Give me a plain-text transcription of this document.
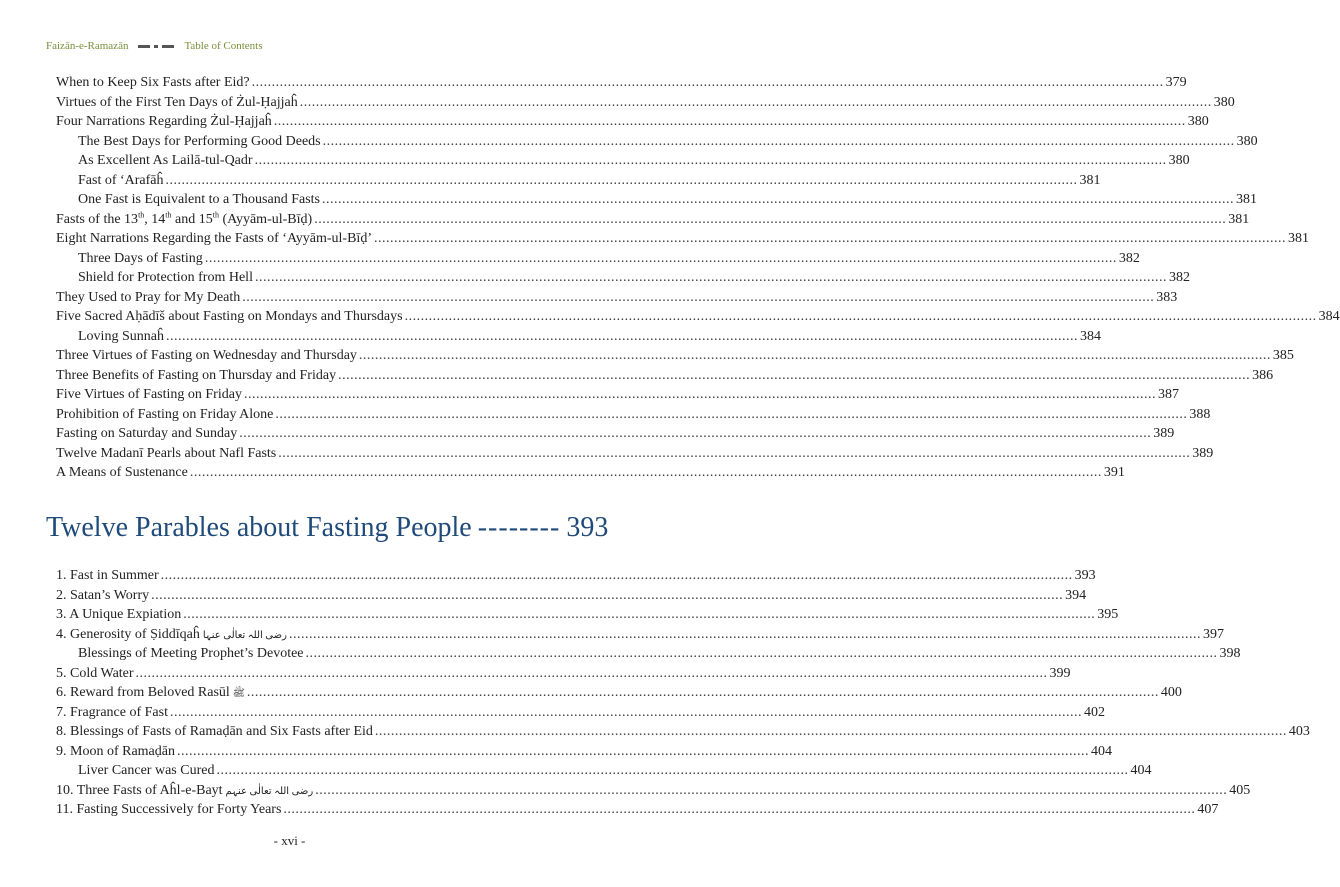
Faizān-e-Ramazān	Table of Contents
When to Keep Six Fasts after Eid? .....	379
Virtues of the First Ten Days of Żul-Ḥajjaĥ .....	380
Four Narrations Regarding Żul-Ḥajjaĥ .....	380
The Best Days for Performing Good Deeds .....	380
As Excellent As Lailā-tul-Qadr .....	380
Fast of ‘Arafāĥ .....	381
One Fast is Equivalent to a Thousand Fasts .....	381
Fasts of the 13th, 14th and 15th (Ayyām-ul-Bīḍ) .....	381
Eight Narrations Regarding the Fasts of ‘Ayyām-ul-Bīḍ’ .....	381
Three Days of Fasting .....	382
Shield for Protection from Hell .....	382
They Used to Pray for My Death .....	383
Five Sacred Aḥādīš about Fasting on Mondays and Thursdays .....	384
Loving Sunnaĥ .....	384
Three Virtues of Fasting on Wednesday and Thursday .....	385
Three Benefits of Fasting on Thursday and Friday .....	386
Five Virtues of Fasting on Friday .....	387
Prohibition of Fasting on Friday Alone .....	388
Fasting on Saturday and Sunday .....	389
Twelve Madanī Pearls about Nafl Fasts .....	389
A Means of Sustenance .....	391
Twelve Parables about Fasting People -------- 393
1. Fast in Summer .....	393
2. Satan’s Worry .....	394
3. A Unique Expiation .....	395
4. Generosity of Ṣiddīqaĥ رضی اللہ تعالٰی عنہا .....	397
Blessings of Meeting Prophet’s Devotee .....	398
5. Cold Water .....	399
6. Reward from Beloved Rasūl ﷺ .....	400
7. Fragrance of Fast .....	402
8. Blessings of Fasts of Ramaḍān and Six Fasts after Eid .....	403
9. Moon of Ramaḍān .....	404
Liver Cancer was Cured .....	404
10. Three Fasts of Aĥl-e-Bayt رضی اللہ تعالٰی عنہم .....	405
11. Fasting Successively for Forty Years .....	407
- xvi -
